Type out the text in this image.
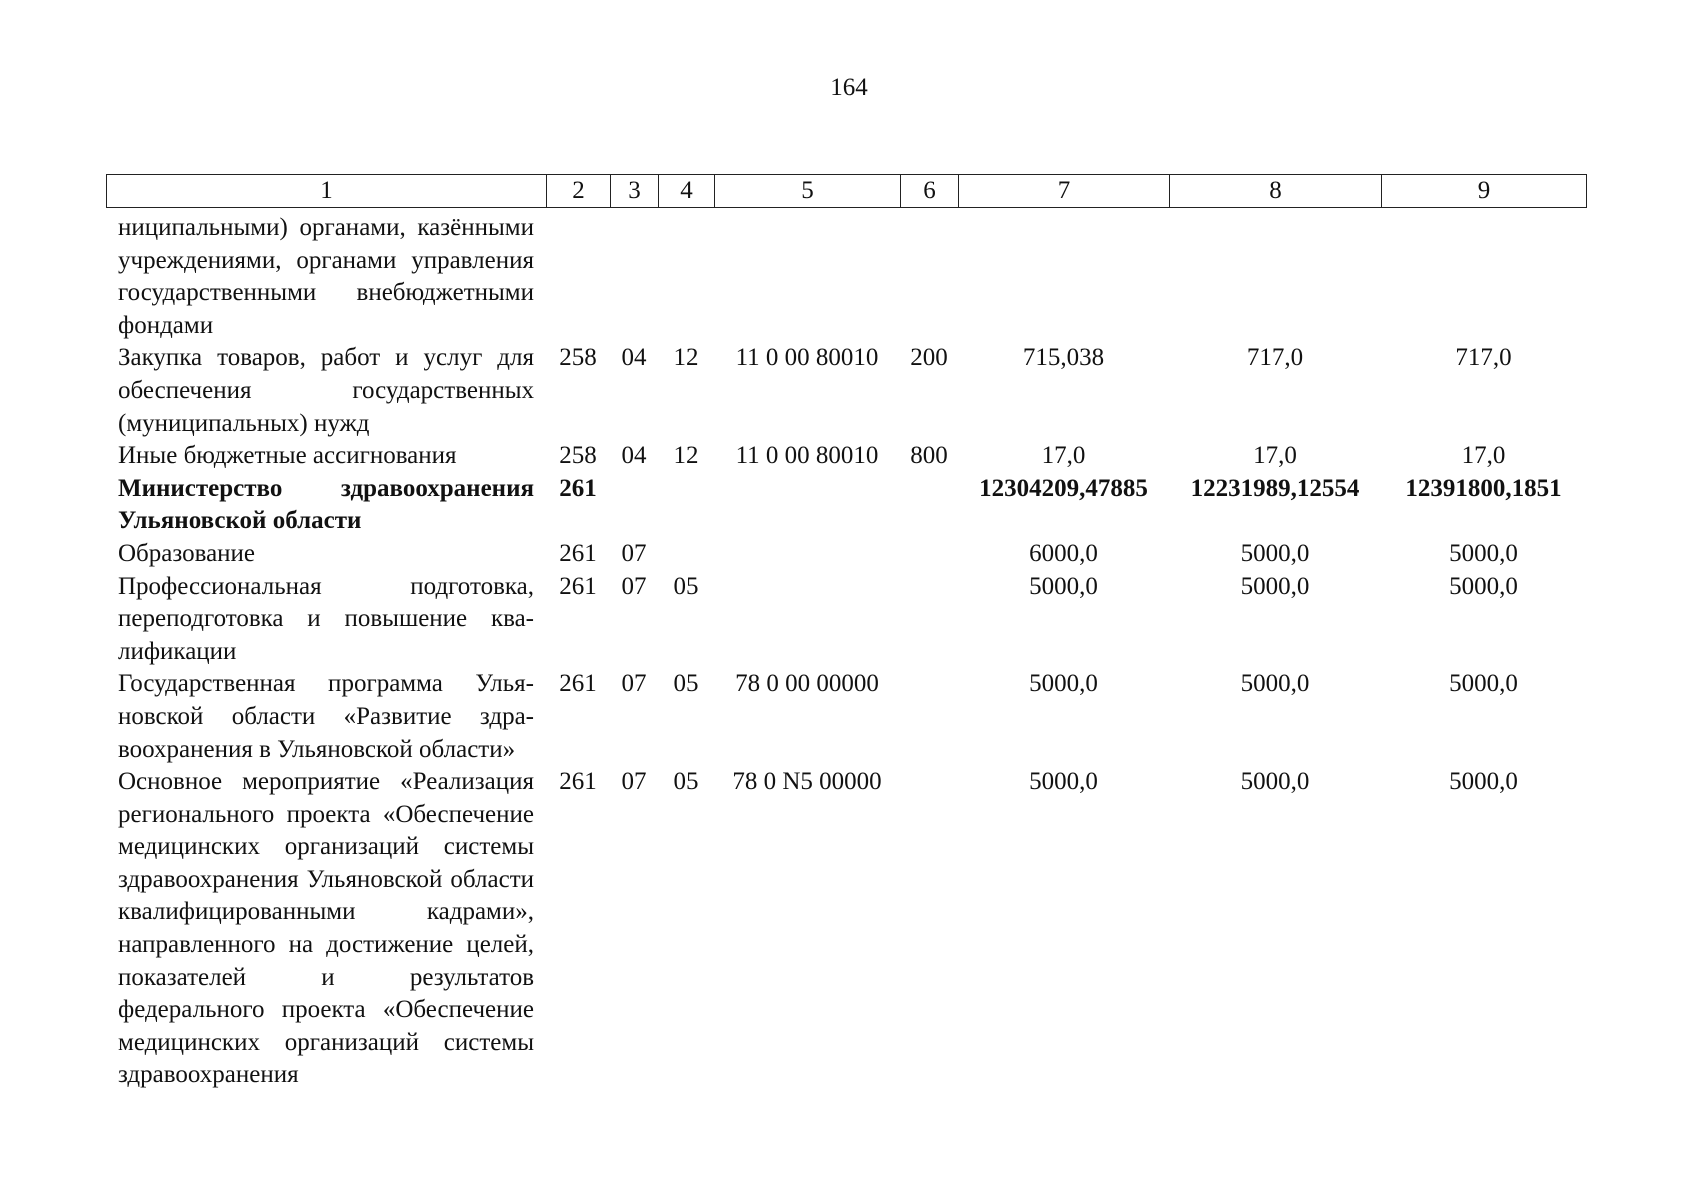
164
1	2	3	4	5	6	7	8	9
ниципальными) органами, казёнными учреждениями, органами управления государственными внебюджетными фондами								
Закупка товаров, работ и услуг для обеспечения государственных (муниципальных) нужд	258	04	12	11 0 00 80010	200	715,038	717,0	717,0
Иные бюджетные ассигнования	258	04	12	11 0 00 80010	800	17,0	17,0	17,0
Министерство здравоохранения Ульяновской области	261					12304209,47885	12231989,12554	12391800,1851
Образование	261	07				6000,0	5000,0	5000,0
Профессиональная подготовка, переподготовка и повышение квалификации	261	07	05			5000,0	5000,0	5000,0
Государственная программа Ульяновской области «Развитие здравоохранения в Ульяновской области»	261	07	05	78 0 00 00000		5000,0	5000,0	5000,0
Основное мероприятие «Реализация регионального проекта «Обеспечение медицинских организаций системы здравоохранения Ульяновской области квалифицированными кадрами», направленного на достижение целей, показателей и результатов федерального проекта «Обеспечение медицинских организаций системы здравоохранения	261	07	05	78 0 N5 00000		5000,0	5000,0	5000,0
